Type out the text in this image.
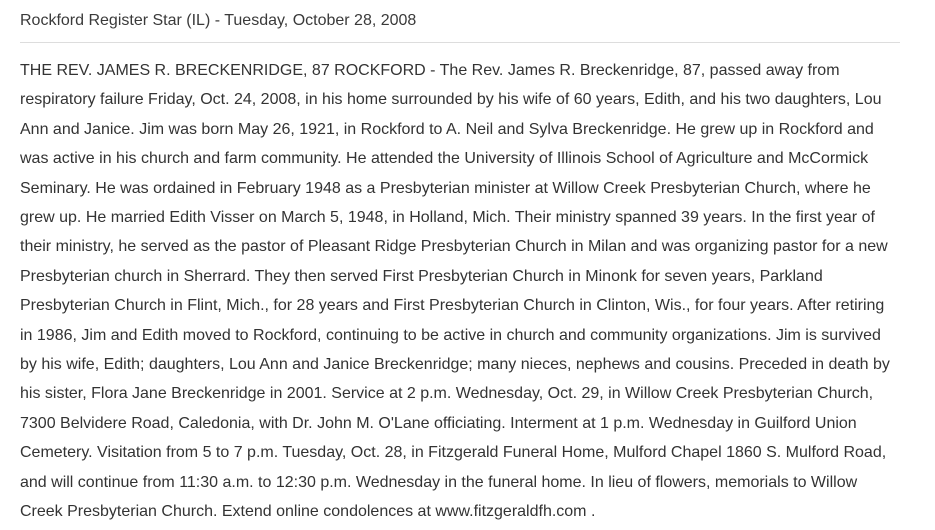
Rockford Register Star (IL) - Tuesday, October 28, 2008

THE REV. JAMES R. BRECKENRIDGE, 87 ROCKFORD - The Rev. James R. Breckenridge, 87, passed away from respiratory failure Friday, Oct. 24, 2008, in his home surrounded by his wife of 60 years, Edith, and his two daughters, Lou Ann and Janice. Jim was born May 26, 1921, in Rockford to A. Neil and Sylva Breckenridge. He grew up in Rockford and was active in his church and farm community. He attended the University of Illinois School of Agriculture and McCormick Seminary. He was ordained in February 1948 as a Presbyterian minister at Willow Creek Presbyterian Church, where he grew up. He married Edith Visser on March 5, 1948, in Holland, Mich. Their ministry spanned 39 years. In the first year of their ministry, he served as the pastor of Pleasant Ridge Presbyterian Church in Milan and was organizing pastor for a new Presbyterian church in Sherrard. They then served First Presbyterian Church in Minonk for seven years, Parkland Presbyterian Church in Flint, Mich., for 28 years and First Presbyterian Church in Clinton, Wis., for four years. After retiring in 1986, Jim and Edith moved to Rockford, continuing to be active in church and community organizations. Jim is survived by his wife, Edith; daughters, Lou Ann and Janice Breckenridge; many nieces, nephews and cousins. Preceded in death by his sister, Flora Jane Breckenridge in 2001. Service at 2 p.m. Wednesday, Oct. 29, in Willow Creek Presbyterian Church, 7300 Belvidere Road, Caledonia, with Dr. John M. O'Lane officiating. Interment at 1 p.m. Wednesday in Guilford Union Cemetery. Visitation from 5 to 7 p.m. Tuesday, Oct. 28, in Fitzgerald Funeral Home, Mulford Chapel 1860 S. Mulford Road, and will continue from 11:30 a.m. to 12:30 p.m. Wednesday in the funeral home. In lieu of flowers, memorials to Willow Creek Presbyterian Church. Extend online condolences at www.fitzgeraldfh.com .
